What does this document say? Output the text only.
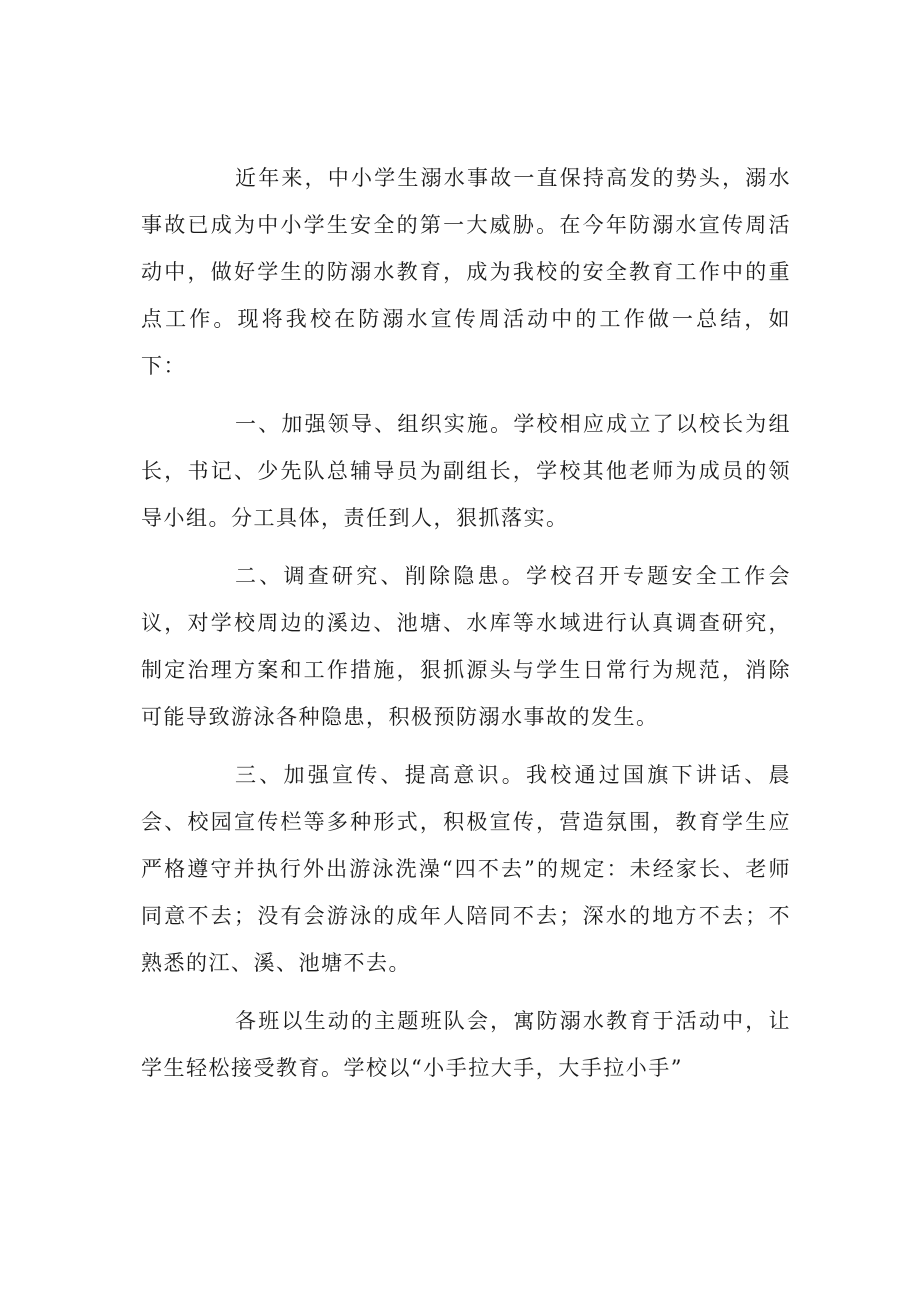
近年来，中小学生溺水事故一直保持高发的势头，溺水事故已成为中小学生安全的第一大威胁。在今年防溺水宣传周活动中，做好学生的防溺水教育，成为我校的安全教育工作中的重点工作。现将我校在防溺水宣传周活动中的工作做一总结，如下：

一、加强领导、组织实施。学校相应成立了以校长为组长，书记、少先队总辅导员为副组长，学校其他老师为成员的领导小组。分工具体，责任到人，狠抓落实。

二、调查研究、削除隐患。学校召开专题安全工作会议，对学校周边的溪边、池塘、水库等水域进行认真调查研究，制定治理方案和工作措施，狠抓源头与学生日常行为规范，消除可能导致游泳各种隐患，积极预防溺水事故的发生。

三、加强宣传、提高意识。我校通过国旗下讲话、晨会、校园宣传栏等多种形式，积极宣传，营造氛围，教育学生应严格遵守并执行外出游泳洗澡“四不去”的规定：未经家长、老师同意不去；没有会游泳的成年人陪同不去；深水的地方不去；不熟悉的江、溪、池塘不去。

各班以生动的主题班队会，寓防溺水教育于活动中，让学生轻松接受教育。学校以“小手拉大手，大手拉小手”
